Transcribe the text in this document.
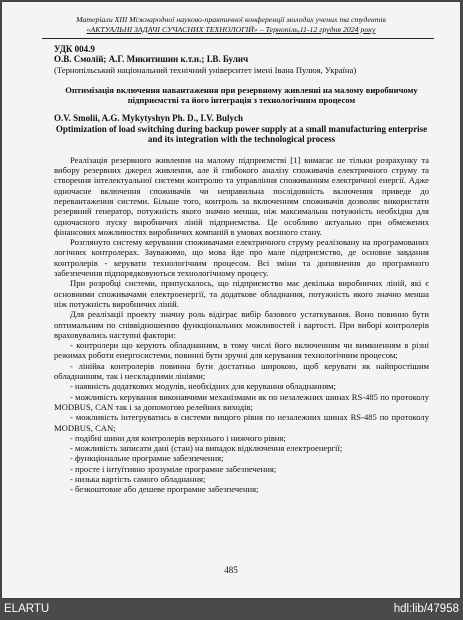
Матеріали ХІІІ Міжнародної науково-практичної конференції молодих учених та студентів
«АКТУАЛЬНІ ЗАДАЧІ СУЧАСНИХ ТЕХНОЛОГІЙ» – Тернопіль,11-12 грудня 2024 року
УДК 004.9
О.В. Смолій; А.Г. Микитишин к.т.н.; І.В. Булич
(Тернопільський національний технічний університет імені Івана Пулюя, Україна)
Оптимізація включення навантаження при резервному живленні на малому виробничому підприємстві та його інтеграція з технологічним процесом
O.V. Smolii, A.G. Mykytyshyn Ph. D., I.V. Bulych
Optimization of load switching during backup power supply at a small manufacturing enterprise and its integration with the technological process

Реалізація резервного живлення на малому підприємстві [1] вимагає не тільки розрахунку та вибору резервних джерел живлення, але й глибокого аналізу споживачів електричного струму та створення інтелектуальної системи контролю та управління споживанням електричної енергії. Адже одночасне включення споживачів чи неправильна послідовність включення приведе до перевантаження системи. Більше того, контроль за включенням споживачів дозволяє використати резервний генератор, потужність якого значно менша, ніж максимальна потужність необхідна для одночасного пуску виробничих ліній підприємства. Це особливо актуально при обмежених фінансових можливостях виробничих компаній в умовах воєнного стану.

Розглянуто систему керування споживачами електричного струму реалізовану на програмованих логічних контролерах. Зауважимо, що мова йде про мале підприємство, де основне завдання контролерів - керувати технологічним процесом. Всі зміни та доповнення до програмного забезпечення підпорядковуються технологічному процесу.

При розробці системи, припускалось, що підприємство має декілька виробничих ліній, які є основними споживачами електроенергії, та додаткове обладнання, потужність якого значно менша ніж потужність виробничих ліній.

Для реалізації проекту значну роль відіграє вибір базового устаткування. Воно повинно бути оптимальним по співвідношенню функціональних можливостей і вартості. При виборі контролерів враховувались наступні фактори:

- контролери що керують обладнанням, в тому числі його включенням чи вимкненням в різні режимах роботи енергосистеми, повинні бути зручні для керування технологічним процесом;

- лінійка контролерів повинна бути достатньо широкою, щоб керувати як найпростішим обладнанням, так і нескладними лініями;

- наявність додаткових модулів, необхідних для керування обладнанням;

- можливість керування виконавчими механізмами як по незалежних шинах RS-485 по протоколу MODBUS, CAN так і за допомогою релейних виходів;

- можливість інтегруватись в системи вищого рівня по незалежних шинах RS-485 по протоколу MODBUS, CAN;

- подібні шини для контролерів верхнього і нижчого рівня;

- можливість записати дані (стан) на випадок відключення електроенергії;

- функціональне програмне забезпечення;

- просте і інтуїтивно зрозуміле програмне забезпечення;

- низька вартість самого обладнання;

- безкоштовне або дешеве програмне забезпечення;

485
ELARTU	hdl:lib/47958
